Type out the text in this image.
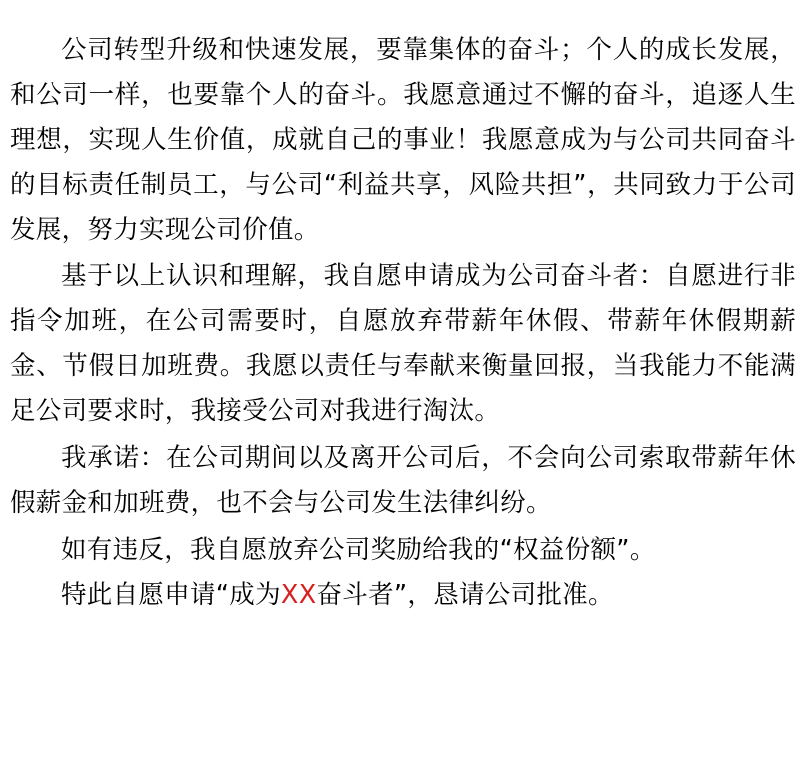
公司转型升级和快速发展，要靠集体的奋斗；个人的成长发展，和公司一样，也要靠个人的奋斗。我愿意通过不懈的奋斗，追逐人生理想，实现人生价值，成就自己的事业！我愿意成为与公司共同奋斗的目标责任制员工，与公司“利益共享，风险共担”，共同致力于公司发展，努力实现公司价值。

基于以上认识和理解，我自愿申请成为公司奋斗者：自愿进行非指令加班，在公司需要时，自愿放弃带薪年休假、带薪年休假期薪金、节假日加班费。我愿以责任与奉献来衡量回报，当我能力不能满足公司要求时，我接受公司对我进行淘汰。

我承诺：在公司期间以及离开公司后，不会向公司索取带薪年休假薪金和加班费，也不会与公司发生法律纠纷。

如有违反，我自愿放弃公司奖励给我的“权益份额”。

特此自愿申请“成为XX奋斗者”，恳请公司批准。
